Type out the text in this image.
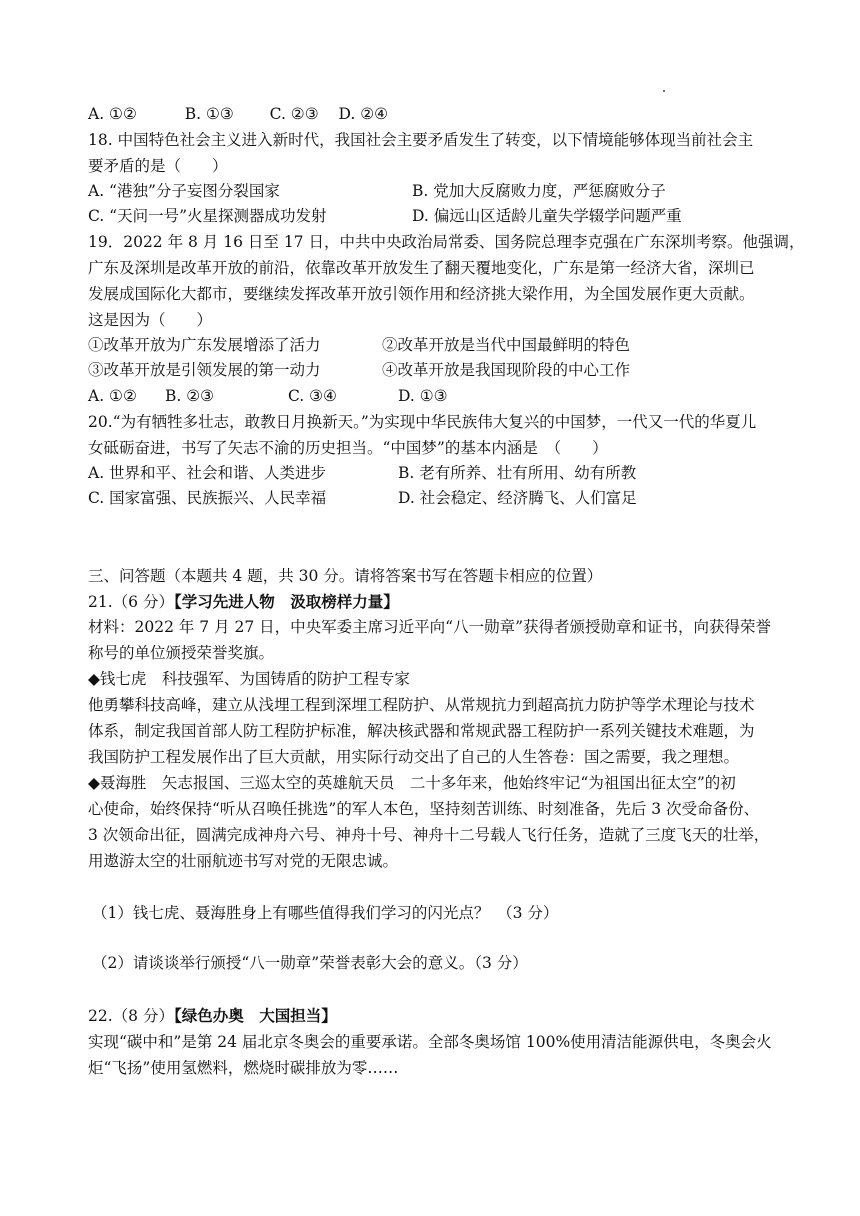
A. ①②	B. ①③ C. ②③ D. ②④
18. 中国特色社会主义进入新时代，我国社会主要矛盾发生了转变，以下情境能够体现当前社会主
要矛盾的是（　　）
A. “港独”分子妄图分裂国家	B. 党加大反腐败力度，严惩腐败分子
C. “天问一号”火星探测器成功发射	D. 偏远山区适龄儿童失学辍学问题严重
19．2022 年 8 月 16 日至 17 日，中共中央政治局常委、国务院总理李克强在广东深圳考察。他强调，
广东及深圳是改革开放的前沿，依靠改革开放发生了翻天覆地变化，广东是第一经济大省，深圳已
发展成国际化大都市，要继续发挥改革开放引领作用和经济挑大梁作用，为全国发展作更大贡献。
这是因为（　　）
①改革开放为广东发展增添了活力	②改革开放是当代中国最鲜明的特色
③改革开放是引领发展的第一动力	④改革开放是我国现阶段的中心工作
A. ①② B. ②③	C. ③④	D. ①③
20.“为有牺牲多壮志，敢教日月换新天。”为实现中华民族伟大复兴的中国梦，一代又一代的华夏儿
女砥砺奋进，书写了矢志不渝的历史担当。“中国梦”的基本内涵是　（　　）
A. 世界和平、社会和谐、人类进步	B. 老有所养、壮有所用、幼有所教
C. 国家富强、民族振兴、人民幸福	D. 社会稳定、经济腾飞、人们富足
三、问答题（本题共 4 题，共 30 分。请将答案书写在答题卡相应的位置）
21.（6 分）【学习先进人物　汲取榜样力量】
材料：2022 年 7 月 27 日，中央军委主席习近平向“八一勋章”获得者颁授勋章和证书，向获得荣誉
称号的单位颁授荣誉奖旗。
◆钱七虎　科技强军、为国铸盾的防护工程专家
他勇攀科技高峰，建立从浅埋工程到深埋工程防护、从常规抗力到超高抗力防护等学术理论与技术
体系，制定我国首部人防工程防护标准，解决核武器和常规武器工程防护一系列关键技术难题，为
我国防护工程发展作出了巨大贡献，用实际行动交出了自己的人生答卷：国之需要，我之理想。
◆聂海胜　矢志报国、三巡太空的英雄航天员　二十多年来，他始终牢记“为祖国出征太空”的初
心使命，始终保持“听从召唤任挑选”的军人本色，坚持刻苦训练、时刻准备，先后 3 次受命备份、
3 次领命出征，圆满完成神舟六号、神舟十号、神舟十二号载人飞行任务，造就了三度飞天的壮举，
用遨游太空的壮丽航迹书写对党的无限忠诚。
（1）钱七虎、聂海胜身上有哪些值得我们学习的闪光点？　（3 分）
（2）请谈谈举行颁授“八一勋章”荣誉表彰大会的意义。（3 分）
22.（8 分）【绿色办奥　大国担当】
实现“碳中和”是第 24 届北京冬奥会的重要承诺。全部冬奥场馆 100%使用清洁能源供电，冬奥会火
炬“飞扬”使用氢燃料，燃烧时碳排放为零……
